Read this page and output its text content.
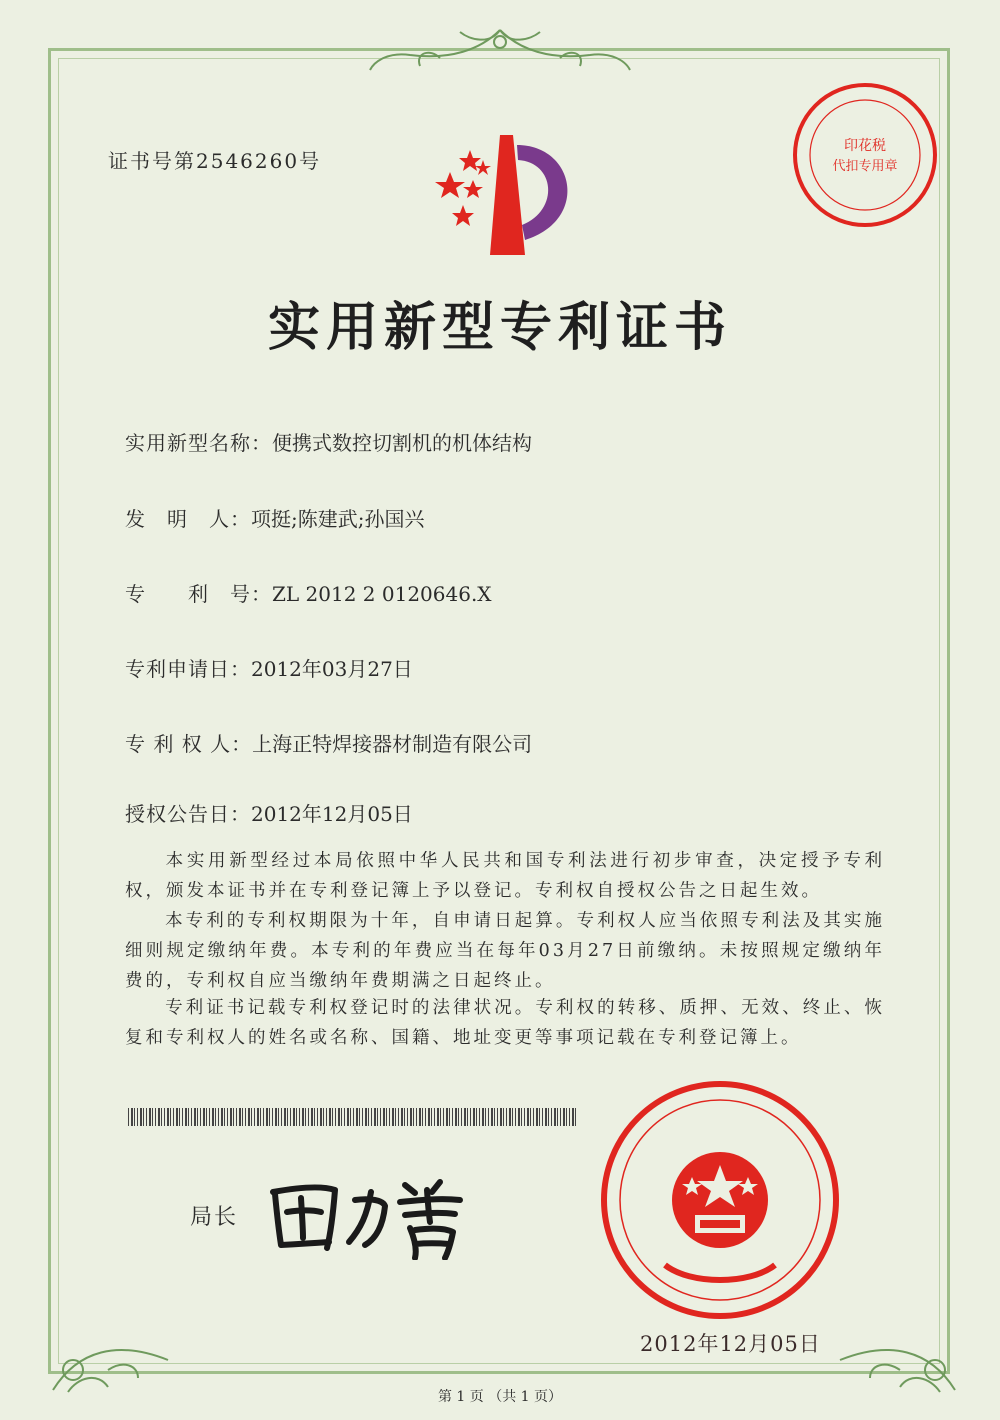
证书号第2546260号
印花税
代扣专用章
实用新型专利证书
实用新型名称：便携式数控切割机的机体结构
发　明　人：项挺;陈建武;孙国兴
专　　利　号：ZL 2012 2 0120646.X
专利申请日：2012年03月27日
专 利 权 人：上海正特焊接器材制造有限公司
授权公告日：2012年12月05日
本实用新型经过本局依照中华人民共和国专利法进行初步审查，决定授予专利权，颁发本证书并在专利登记簿上予以登记。专利权自授权公告之日起生效。
本专利的专利权期限为十年，自申请日起算。专利权人应当依照专利法及其实施细则规定缴纳年费。本专利的年费应当在每年03月27日前缴纳。未按照规定缴纳年费的，专利权自应当缴纳年费期满之日起终止。
专利证书记载专利权登记时的法律状况。专利权的转移、质押、无效、终止、恢复和专利权人的姓名或名称、国籍、地址变更等事项记载在专利登记簿上。
局长
2012年12月05日
第 1 页 （共 1 页）
